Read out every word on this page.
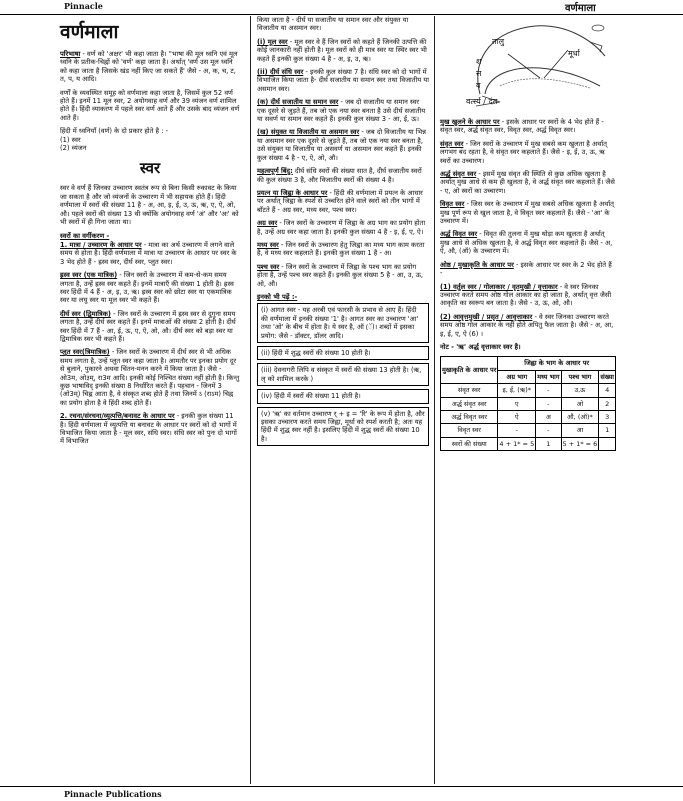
Pinnacle	वर्णमाला
वर्णमाला

परिभाषा - वर्ण को 'अक्षर' भी कहा जाता है। "भाषा की मूल ध्वनि एवं मूल ध्वनि के प्रतीक-चिह्नों को 'वर्ण' कहा जाता है। अर्थात् 'वर्ण उस मूल ध्वनि को कहा जाता है जिसके खंड नहीं किए जा सकते हैं' जैसे - अ, क, च, ट, त, प, य आदि।

वर्णों के व्यवस्थित समूह को वर्णमाला कहा जाता है, जिसमें कुल 52 वर्ण होते हैं। इनमें 11 मूल स्वर, 2 अयोगवाह वर्ण और 39 व्यंजन वर्ण शामिल होते हैं। हिंदी व्याकरण में पहले स्वर वर्ण आते हैं और उसके बाद व्यंजन वर्ण आते हैं।

हिंदी में ध्वनियाँ (वर्ण) के दो प्रकार होते है : -

(1) स्वर
(2) व्यंजन
स्वर

स्वर वे वर्ण हैं जिनका उच्चारण स्वतंत्र रूप से बिना किसी रुकावट के किया जा सकता है और जो व्यंजनों के उच्चारण में भी सहायक होते हैं। हिंदी वर्णमाला में स्वरों की संख्या 11 है - अ, आ, इ, ई, उ, ऊ, ऋ, ए, ऐ, ओ, औ। पहले स्वरों की संख्या 13 थी क्योंकि अयोगवाह वर्ण 'अं' और 'अः' को भी स्वरों में ही गिना जाता था।

स्वरों का वर्गीकरण -

1. मात्रा / उच्चारण के आधार पर - मात्रा का अर्थ उच्चारण में लगने वाले समय से होता है। हिंदी वर्णमाला में मात्रा या उच्चारण के आधार पर स्वर के 3 भेद होते हैं - ह्रस्व स्वर, दीर्घ स्वर, प्लुत स्वर।

ह्रस्व स्वर (एक मात्रिक) - जिन स्वरों के उच्चारण में कम-से-कम समय लगता है, उन्हें ह्रस्व स्वर कहते हैं। इनमें मात्राएँ की संख्या 1 होती है। ह्रस्व स्वर हिंदी में 4 हैं - अ, इ, उ, ऋ। ह्रस्व स्वर को छोटा स्वर या एकमात्रिक स्वर या लघु स्वर या मूल स्वर भी कहते हैं।

दीर्घ स्वर (द्विमात्रिक) - जिन स्वरों के उच्चारण में ह्रस्व स्वर से दुगुना समय लगता है, उन्हें दीर्घ स्वर कहते हैं। इनमें मात्राओं की संख्या 2 होती है। दीर्घ स्वर हिंदी में 7 हैं - आ, ई, ऊ, ए, ऐ, ओ, औ। दीर्घ स्वर को बड़ा स्वर या द्विमात्रिक स्वर भी कहते हैं।

प्लुत स्वर(त्रिमात्रिक) - जिन स्वरों के उच्चारण में दीर्घ स्वर से भी अधिक समय लगता है, उन्हें प्लुत स्वर कहा जाता है। आमतौर पर इनका प्रयोग दूर से बुलाने, पुकारने अथवा चिंतन-मनन करने में किया जाता है। जैसे - ओ3म, ओ३म्, रा3म आदि। इनकी कोई निश्चित संख्या नहीं होती है। किन्तु कुछ भाषाविद् इनकी संख्या 8 निर्धारित करते हैं। पहचान - जिनमें 3 (ओ3म्) चिह्न आता है, वे संस्कृत शब्द होते हैं तथा जिनमें ऽ (राऽम) चिह्न का प्रयोग होता है वे हिंदी शब्द होते हैं।

2. रचना/संरचना/व्युत्पत्ति/बनावट के आधार पर - इनकी कुल संख्या 11 है। हिंदी वर्णमाला में व्युत्पत्ति या बनावट के आधार पर स्वरों को दो भागों में विभाजित किया जाता है - मूल स्वर, संधि स्वर। संधि स्वर को पुनः दो भागों में विभाजित

किया जाता है - दीर्घ या सजातीय या समान स्वर और संयुक्त या विजातीय या असमान स्वर।

(i) मूल स्वर - मूल स्वर वे हैं जिन स्वरों को कहते हैं जिनकी उत्पत्ति की कोई जानकारी नहीं होती है। मूल स्वरों को ही मात्र स्वर या स्थिर स्वर भी कहते हैं इनकी कुल संख्या 4 है - अ, इ, उ, ऋ।

(ii) दीर्घ संधि स्वर - इनकी कुल संख्या 7 है। संधि स्वर को दो भागों में विभाजित किया जाता है- दीर्घ सजातीय या समान स्वर तथा विजातीय या असमान स्वर।

(क) दीर्घ सजातीय या समान स्वर - जब दो सजातीय या समान स्वर एक दूसरे से जुड़ते हैं, तब जो एक नया स्वर बनता है उसे दीर्घ सजातीय या सवर्ण या समान स्वर कहते हैं। इनकी कुल संख्या 3 - आ, ई, ऊ।

(ख) संयुक्त या विजातीय या असमान स्वर - जब दो विजातीय या भिन्न या असमान स्वर एक दूसरे से जुड़ते हैं, तब जो एक नया स्वर बनता है, उसे संयुक्त या विजातीय या असवर्ण या असमान स्वर कहते हैं। इनकी कुल संख्या 4 है - ए, ऐ, ओ, औ।

महत्वपूर्ण बिंदु: दीर्घ संधि स्वरों की संख्या सात है, दीर्घ सजातीय स्वरों की कुल संख्या 3 है, और विजातीय स्वरों की संख्या 4 है।

प्रयत्न या जिह्वा के आधार पर - हिंदी की वर्णमाला में प्रयत्न के आधार पर अर्थात् जिह्वा के स्पर्श से उच्चरित होने वाले स्वरों को तीन भागों में बाँटते हैं - अग्र स्वर, मध्य स्वर, पश्च स्वर।

अग्र स्वर - जिन स्वरों के उच्चारण में जिह्वा के अग्र भाग का प्रयोग होता है, उन्हें अग्र स्वर कहा जाता है। इनकी कुल संख्या 4 है - इ, ई, ए, ऐ।

मध्य स्वर - जिन स्वरों के उच्चारण हेतु जिह्वा का मध्य भाग काम करता है, वे मध्य स्वर कहलाते हैं। इनकी कुल संख्या 1 है - अ।

पश्च स्वर - जिन स्वरों के उच्चारण में जिह्वा के पश्च भाग का प्रयोग होता है, उन्हें पश्च स्वर कहते हैं। इनकी कुल संख्या 5 है - आ, उ, ऊ, ओ, औ।

इनको भी पढ़ें :-

(i) आगत स्वर - यह अरबी एवं फारसी के प्रभाव से आए हैं। हिंदी की वर्णमाला में इनकी संख्या '1' है। आगत स्वर का उच्चारण 'आ' तथा 'ओ' के बीच में होता है। ये स्वर है, ऑ (ॅ)। शब्दों में इसका प्रयोग: जैसे - डॉक्टर, डॉलर आदि।
(ii) हिंदी में शुद्ध स्वरों की संख्या 10 होती है।
(iii) देवनागरी लिपि व संस्कृत में स्वरों की संख्या 13 होती है। (ऋ, लृ को शामिल करके )
(iv) हिंदी में स्वरों की संख्या 11 होती है।
(v) 'ऋ' का वर्तमान उच्चारण र् + इ = 'रि' के रूप में होता है, और इसका उच्चारण करते समय जिह्वा, मूर्धा को स्पर्श करती है; अतः यह हिंदी में शुद्ध स्वर नहीं है। इसलिए हिंदी में शुद्ध स्वरों की संख्या 10 है।
तालु
मूर्धा
श
स
व
वर्त्स्य / दंत

मुख खुलने के आधार पर - इसके आधार पर स्वरों के 4 भेद होते हैं - संवृत स्वर, अर्द्ध संवृत स्वर, विवृत स्वर, अर्द्ध विवृत स्वर।

संवृत स्वर - जिन स्वरों के उच्चारण में मुख सबसे कम खुलता है अर्थात् लगभग बंद रहता है, वे संवृत स्वर कहलाते हैं। जैसे - इ, ई, उ, ऊ, ऋ स्वरों का उच्चारण।

अर्द्ध संवृत स्वर - इसमें मुख संवृत की स्थिति से कुछ अधिक खुलता है अर्थात् मुख आधे से कम ही खुलता है, वे अर्द्ध संवृत स्वर कहलाते हैं। जैसे - ए, ओ स्वरों का उच्चारण।

विवृत स्वर - जिस स्वर के उच्चारण में मुख सबसे अधिक खुलता है अर्थात् मुख पूर्ण रूप से खुल जाता है, वे विवृत स्वर कहलाते हैं। जैसे - 'आ' के उच्चारण में।

अर्द्ध विवृत स्वर - विवृत की तुलना में मुख थोड़ा कम खुलता है अर्थात् मुख आधे से अधिक खुलता है, वे अर्द्ध विवृत स्वर कहलाते हैं। जैसे - अ, ऐ, औ, (ऑ) के उच्चारण में।

ओष्ठ / मुखाकृति के आधार पर - इसके आधार पर स्वर के 2 भेद होते हैं -

(1) वर्तुल स्वर / गोलाकार / वृतमुखी / वृत्ताकार - वे स्वर जिनका उच्चारण करते समय ओष्ठ गोल आकार का हो जाता है, अर्थात् वृत्त जैसी आकृति का स्वरूप बन जाता है। जैसे - उ, ऊ, ओ, औ।

(2) आवृत्तमुखी / प्रसृत / आवृत्ताकार - वे स्वर जिनका उच्चारण करते समय ओष्ठ गोल आकार के नहीं होते अपितु फैल जाता है। जैसे - अ, आ, इ, ई, ए, ऐ (6) ।

नोट - 'ऋ' अर्द्ध वृत्ताकार स्वर है।

मुखाकृति के आधार पर	जिह्वा के भाग के आधार पर			
	अग्र भाग	मध्य भाग	पश्च भाग	संख्या
संवृत स्वर	इ, ई, (ऋ)*	-	उ,ऊ	4
अर्द्ध संवृत स्वर	ए	-	ओ	2
अर्द्ध विवृत स्वर	ऐ	अ	औ, (ऑ)*	3
विवृत स्वर	-	-	आ	1
स्वरों की संख्या	4 + 1* = 5	1	5 + 1* = 6	
Pinnacle Publications
